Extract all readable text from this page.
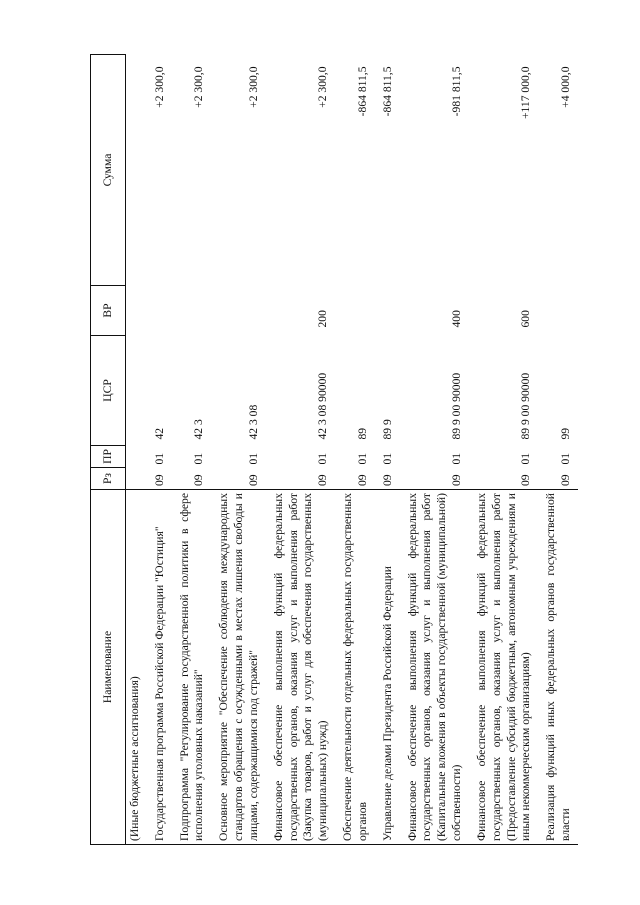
Наименование	Рз	ПР	ЦСР	ВР	Сумма
(Иные бюджетные ассигнования)					
Государственная программа Российской Федерации "Юстиция"	09	01	42		+2 300,0
Подпрограмма "Регулирование государственной политики в сфере исполнения уголовных наказаний"	09	01	42 3		+2 300,0
Основное мероприятие "Обеспечение соблюдения международных стандартов обращения с осужденными в местах лишения свободы и лицами, содержащимися под стражей"	09	01	42 3 08		+2 300,0
Финансовое обеспечение выполнения функций федеральных государственных органов, оказания услуг и выполнения работ (Закупка товаров, работ и услуг для обеспечения государственных (муниципальных) нужд)	09	01	42 3 08 90000	200	+2 300,0
Обеспечение деятельности отдельных федеральных государственных органов	09	01	89		-864 811,5
Управление делами Президента Российской Федерации	09	01	89 9		-864 811,5
Финансовое обеспечение выполнения функций федеральных государственных органов, оказания услуг и выполнения работ (Капитальные вложения в объекты государственной (муниципальной) собственности)	09	01	89 9 00 90000	400	-981 811,5
Финансовое обеспечение выполнения функций федеральных государственных органов, оказания услуг и выполнения работ (Предоставление субсидий бюджетным, автономным учреждениям и иным некоммерческим организациям)	09	01	89 9 00 90000	600	+117 000,0
Реализация функций иных федеральных органов государственной власти	09	01	99		+4 000,0
